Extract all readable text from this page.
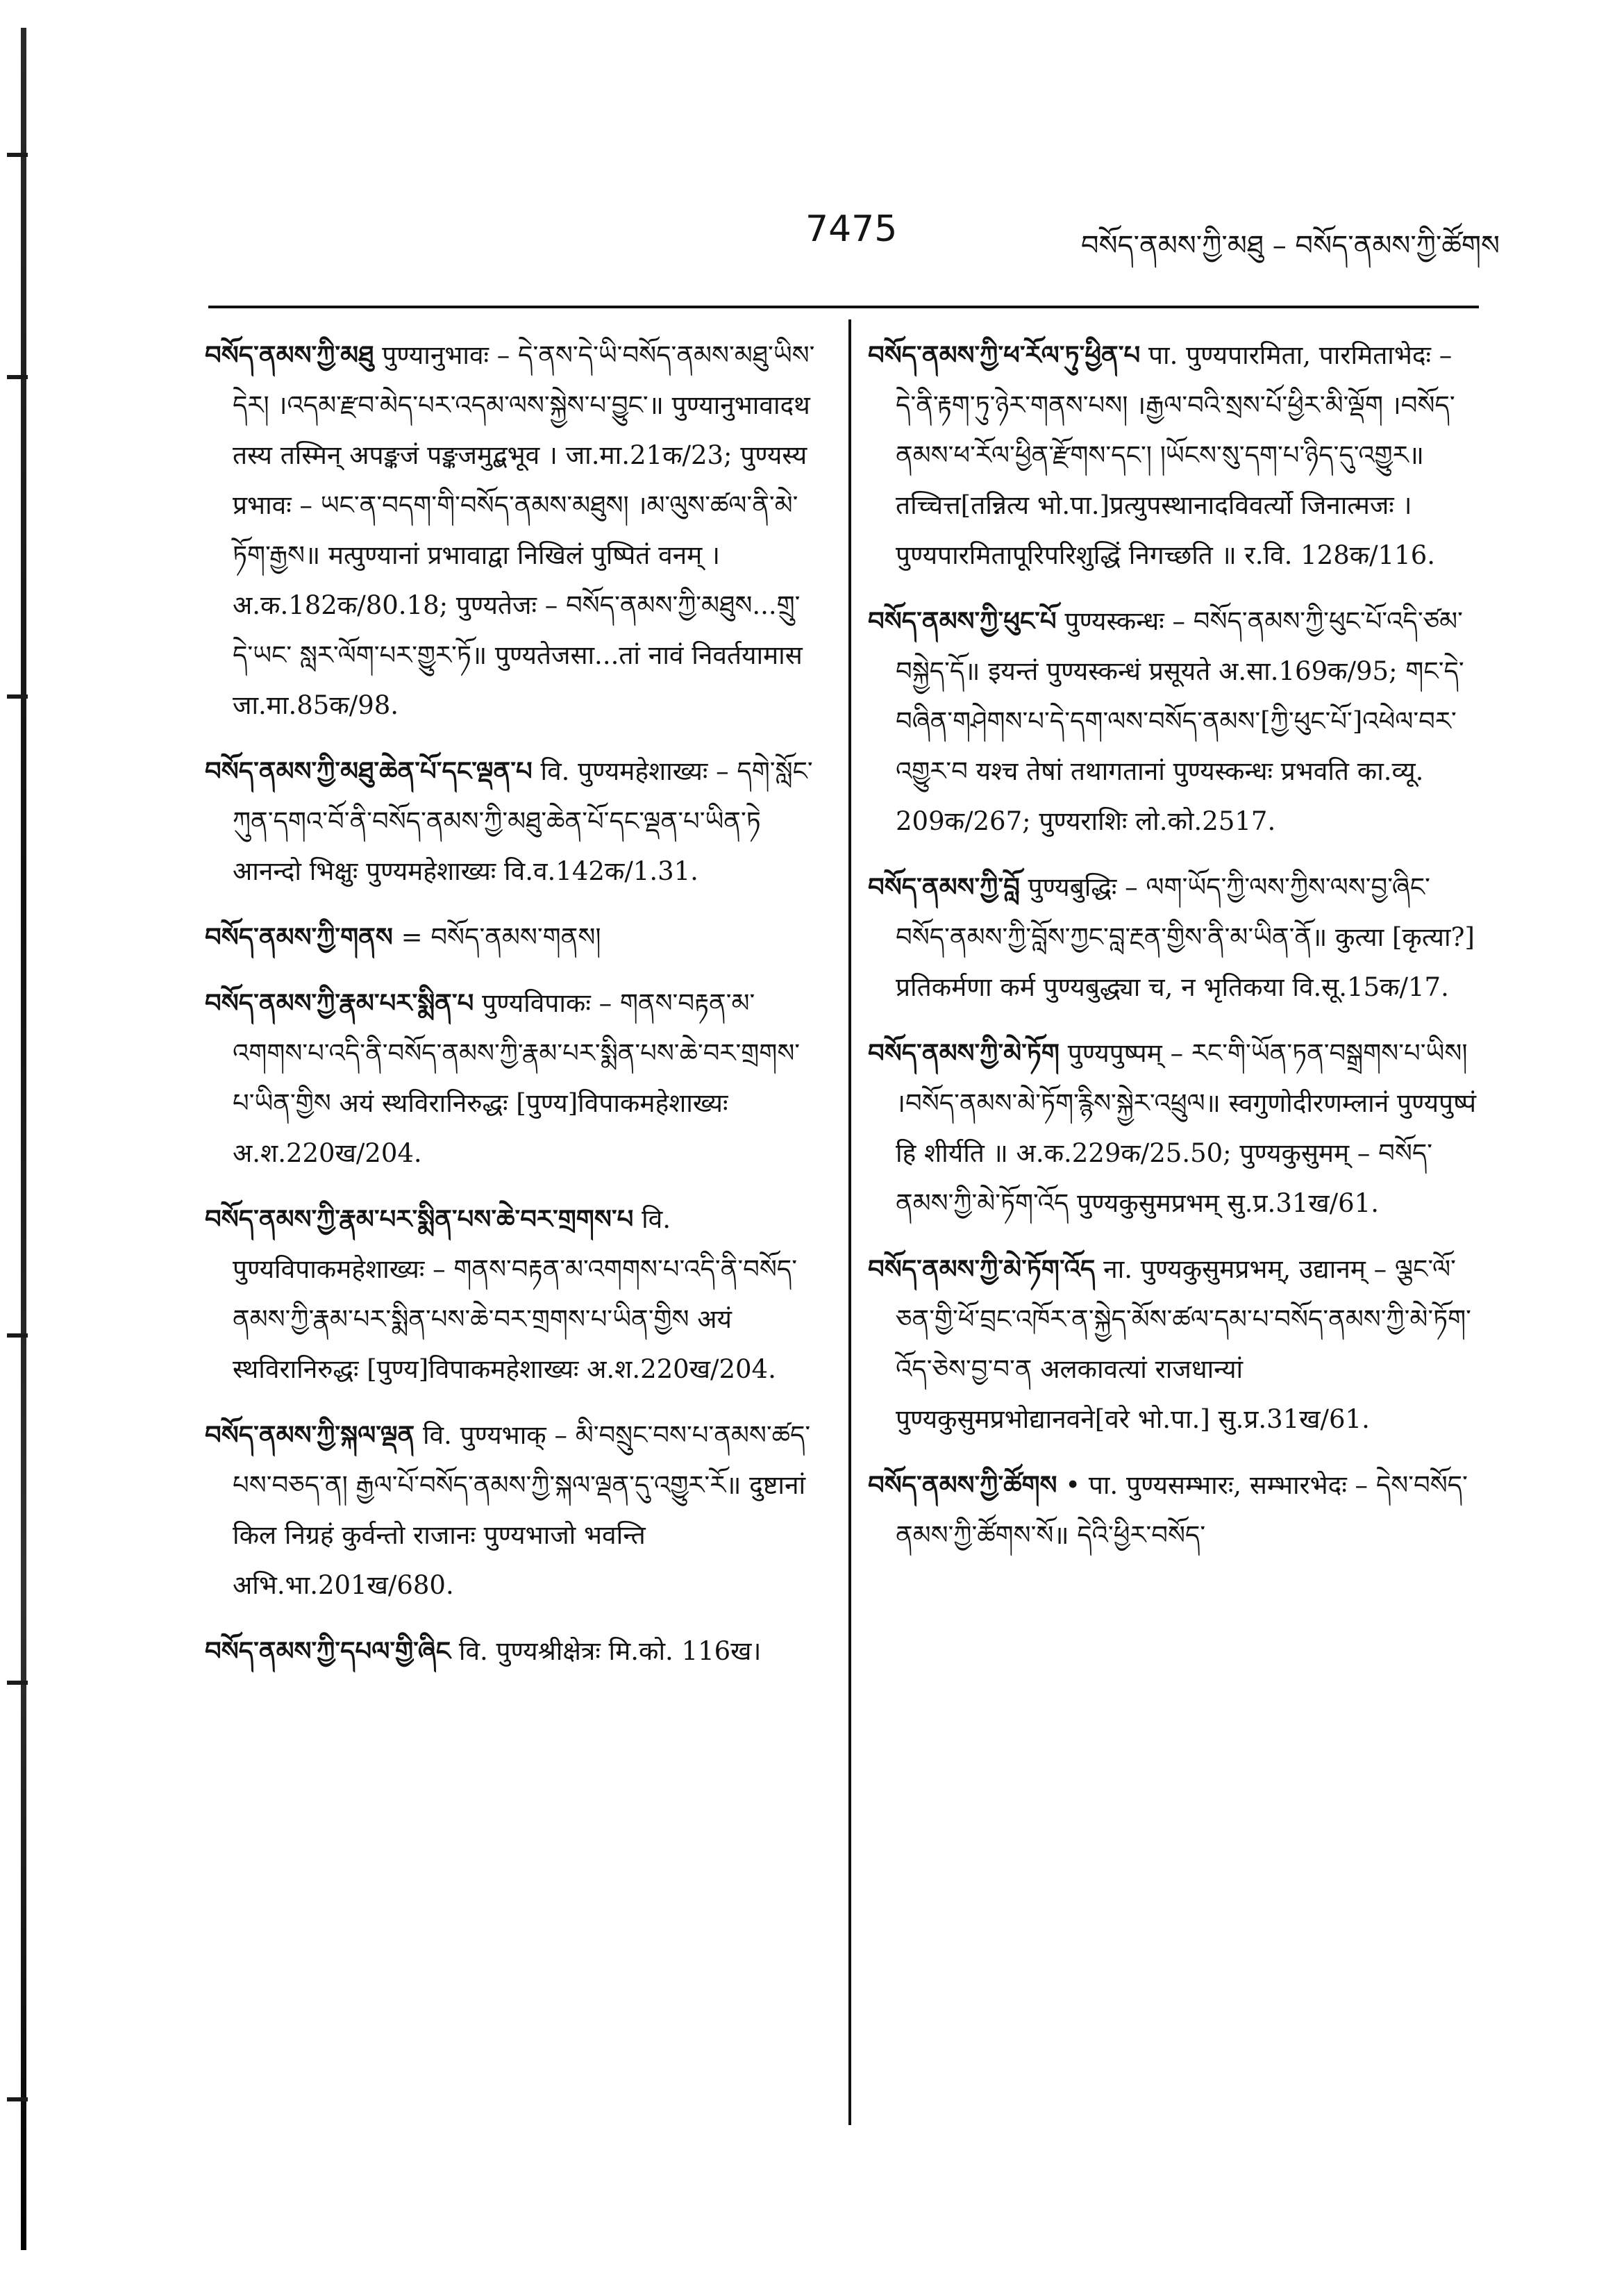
7475	བསོད་ནམས་ཀྱི་མཐུ – བསོད་ནམས་ཀྱི་ཚོགས

བསོད་ནམས་ཀྱི་མཐུ पुण्यानुभावः – དེ་ནས་དེ་ཡི་བསོད་ནམས་མཐུ་ཡིས་དེར། ।འདམ་རྫབ་མེད་པར་འདམ་ལས་སྐྱེས་པ་བྱུང་॥ पुण्यानुभावादथ तस्य तस्मिन् अपङ्कजं पङ्कजमुद्बभूव । जा.मा.21क/23; पुण्यस्य प्रभावः – ཡང་ན་བདག་གི་བསོད་ནམས་མཐུས། ।མ་ལུས་ཚལ་ནི་མེ་ཏོག་རྒྱས॥ मत्पुण्यानां प्रभावाद्वा निखिलं पुष्पितं वनम् । अ.क.182क/80.18; पुण्यतेजः – བསོད་ནམས་ཀྱི་མཐུས...གྲུ་དེ་ཡང་ སླར་ལོག་པར་གྱུར་ཏོ॥ पुण्यतेजसा...तां नावं निवर्तयामास जा.मा.85क/98.

བསོད་ནམས་ཀྱི་མཐུ་ཆེན་པོ་དང་ལྡན་པ वि. पुण्यमहेशाख्यः – དགེ་སློང་ཀུན་དགའ་བོ་ནི་བསོད་ནམས་ཀྱི་མཐུ་ཆེན་པོ་དང་ལྡན་པ་ཡིན་ཏེ आनन्दो भिक्षुः पुण्यमहेशाख्यः वि.व.142क/1.31.

བསོད་ནམས་ཀྱི་གནས = བསོད་ནམས་གནས།

བསོད་ནམས་ཀྱི་རྣམ་པར་སྨིན་པ पुण्यविपाकः – གནས་བརྟན་མ་འགགས་པ་འདི་ནི་བསོད་ནམས་ཀྱི་རྣམ་པར་སྨིན་པས་ཆེ་བར་གྲགས་པ་ཡིན་གྱིས अयं स्थविरानिरुद्धः [पुण्य]विपाकमहेशाख्यः अ.श.220ख/204.

བསོད་ནམས་ཀྱི་རྣམ་པར་སྨིན་པས་ཆེ་བར་གྲགས་པ वि. पुण्यविपाकमहेशाख्यः – གནས་བརྟན་མ་འགགས་པ་འདི་ནི་བསོད་ནམས་ཀྱི་རྣམ་པར་སྨིན་པས་ཆེ་བར་གྲགས་པ་ཡིན་གྱིས अयं स्थविरानिरुद्धः [पुण्य]विपाकमहेशाख्यः अ.श.220ख/204.

བསོད་ནམས་ཀྱི་སྐལ་ལྡན वि. पुण्यभाक् – མི་བསྲུང་བས་པ་ནམས་ཚད་པས་བཅད་ན། རྒྱལ་པོ་བསོད་ནམས་ཀྱི་སྐལ་ལྡན་དུ་འགྱུར་རོ॥ दुष्टानां किल निग्रहं कुर्वन्तो राजानः पुण्यभाजो भवन्ति अभि.भा.201ख/680.

བསོད་ནམས་ཀྱི་དཔལ་གྱི་ཞིང वि. पुण्यश्रीक्षेत्रः मि.को. 116ख।

བསོད་ནམས་ཀྱི་ཕ་རོལ་ཏུ་ཕྱིན་པ पा. पुण्यपारमिता, पारमिताभेदः – དེ་ནི་རྟག་ཏུ་ཉེར་གནས་པས། ।རྒྱལ་བའི་སྲས་པོ་ཕྱིར་མི་ལྡོག ।བསོད་ནམས་ཕ་རོལ་ཕྱིན་རྫོགས་དང་། །ཡོངས་སུ་དག་པ་ཉིད་དུ་འགྱུར॥ तच्चित्त[तन्नित्य भो.पा.]प्रत्युपस्थानादविवर्त्यो जिनात्मजः । पुण्यपारमितापूरिपरिशुद्धिं निगच्छति ॥ र.वि. 128क/116.

བསོད་ནམས་ཀྱི་ཕུང་པོ पुण्यस्कन्धः – བསོད་ནམས་ཀྱི་ཕུང་པོ་འདི་ཙམ་བསྐྱེད་དོ॥ इयन्तं पुण्यस्कन्धं प्रसूयते अ.सा.169क/95; གང་དེ་བཞིན་གཤེགས་པ་དེ་དག་ལས་བསོད་ནམས་[ཀྱི་ཕུང་པོ་]འཕེལ་བར་འགྱུར་བ यश्च तेषां तथागतानां पुण्यस्कन्धः प्रभवति का.व्यू. 209क/267; पुण्यराशिः लो.को.2517.

བསོད་ནམས་ཀྱི་བློ पुण्यबुद्धिः – ལག་ཡོད་ཀྱི་ལས་ཀྱིས་ལས་བྱ་ཞིང་བསོད་ནམས་ཀྱི་བློས་ཀྱང་བླ་རྔན་གྱིས་ནི་མ་ཡིན་ནོ॥ कुत्या [कृत्या?] प्रतिकर्मणा कर्म पुण्यबुद्ध्या च, न भृतिकया वि.सू.15क/17.

བསོད་ནམས་ཀྱི་མེ་ཏོག पुण्यपुष्पम् – རང་གི་ཡོན་ཏན་བསྒྲགས་པ་ཡིས། ।བསོད་ནམས་མེ་ཏོག་རྙིས་སྐྱེར་འཕྲུལ॥ स्वगुणोदीरणम्लानं पुण्यपुष्पं हि शीर्यति ॥ अ.क.229क/25.50; पुण्यकुसुमम् – བསོད་ནམས་ཀྱི་མེ་ཏོག་འོད पुण्यकुसुमप्रभम् सु.प्र.31ख/61.

བསོད་ནམས་ཀྱི་མེ་ཏོག་འོད ना. पुण्यकुसुमप्रभम्, उद्यानम् – ལྕང་ལོ་ཅན་གྱི་ཕོ་བྲང་འཁོར་ན་སྐྱེད་མོས་ཚལ་དམ་པ་བསོད་ནམས་ཀྱི་མེ་ཏོག་འོད་ཅེས་བྱ་བ་ན अलकावत्यां राजधान्यां पुण्यकुसुमप्रभोद्यानवने[वरे भो.पा.] सु.प्र.31ख/61.

བསོད་ནམས་ཀྱི་ཚོགས • पा. पुण्यसम्भारः, सम्भारभेदः – དེས་བསོད་ནམས་ཀྱི་ཚོགས་སོ॥ དེའི་ཕྱིར་བསོད་
